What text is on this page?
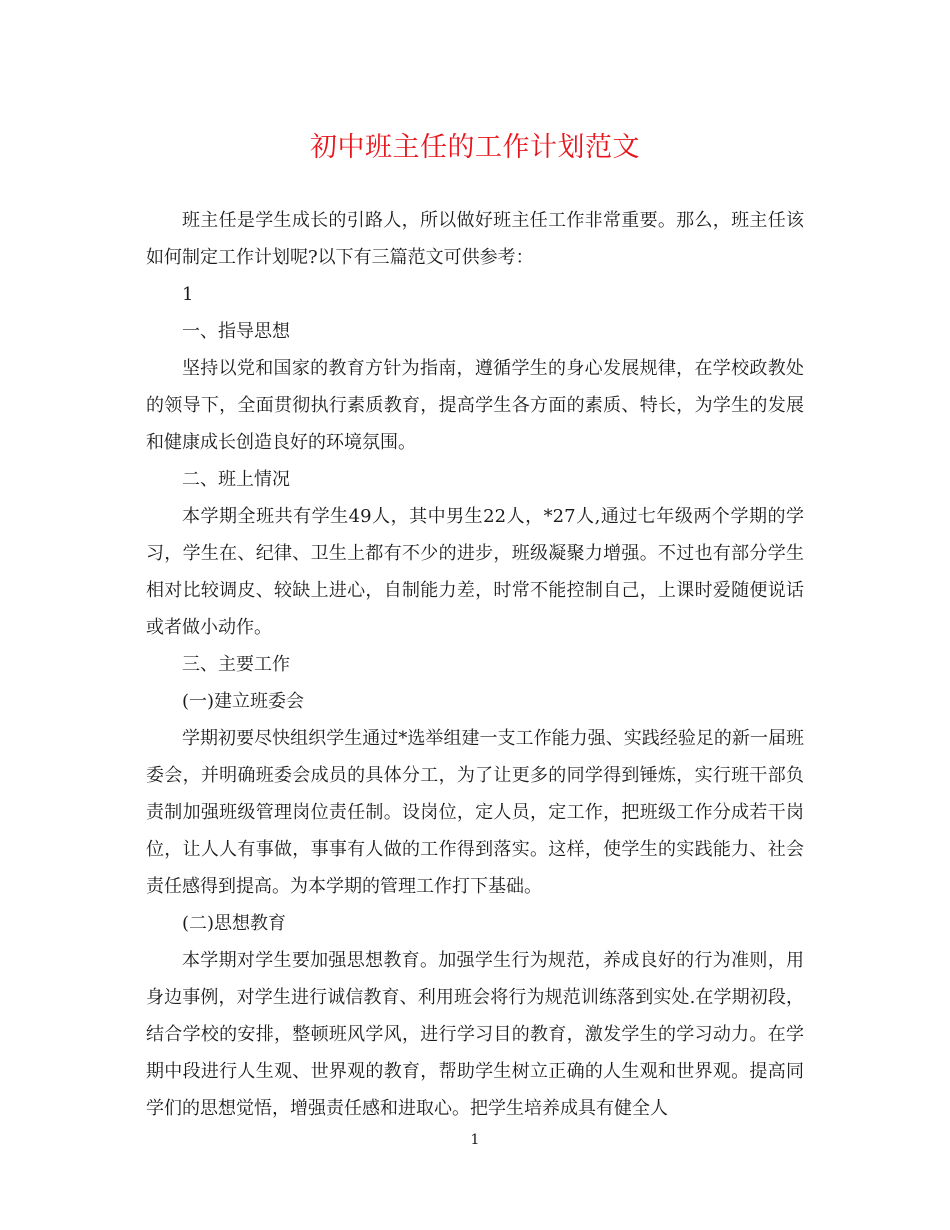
初中班主任的工作计划范文

班主任是学生成长的引路人，所以做好班主任工作非常重要。那么，班主任该如何制定工作计划呢?以下有三篇范文可供参考：

1

一、指导思想

坚持以党和国家的教育方针为指南，遵循学生的身心发展规律，在学校政教处的领导下，全面贯彻执行素质教育，提高学生各方面的素质、特长，为学生的发展和健康成长创造良好的环境氛围。

二、班上情况

本学期全班共有学生49人，其中男生22人，*27人,通过七年级两个学期的学习，学生在、纪律、卫生上都有不少的进步，班级凝聚力增强。不过也有部分学生相对比较调皮、较缺上进心，自制能力差，时常不能控制自己，上课时爱随便说话或者做小动作。

三、主要工作

(一)建立班委会

学期初要尽快组织学生通过*选举组建一支工作能力强、实践经验足的新一届班委会，并明确班委会成员的具体分工，为了让更多的同学得到锤炼，实行班干部负责制加强班级管理岗位责任制。设岗位，定人员，定工作，把班级工作分成若干岗位，让人人有事做，事事有人做的工作得到落实。这样，使学生的实践能力、社会责任感得到提高。为本学期的管理工作打下基础。

(二)思想教育

本学期对学生要加强思想教育。加强学生行为规范，养成良好的行为准则，用身边事例，对学生进行诚信教育、利用班会将行为规范训练落到实处.在学期初段，结合学校的安排，整顿班风学风，进行学习目的教育，激发学生的学习动力。在学期中段进行人生观、世界观的教育，帮助学生树立正确的人生观和世界观。提高同学们的思想觉悟，增强责任感和进取心。把学生培养成具有健全人

1
